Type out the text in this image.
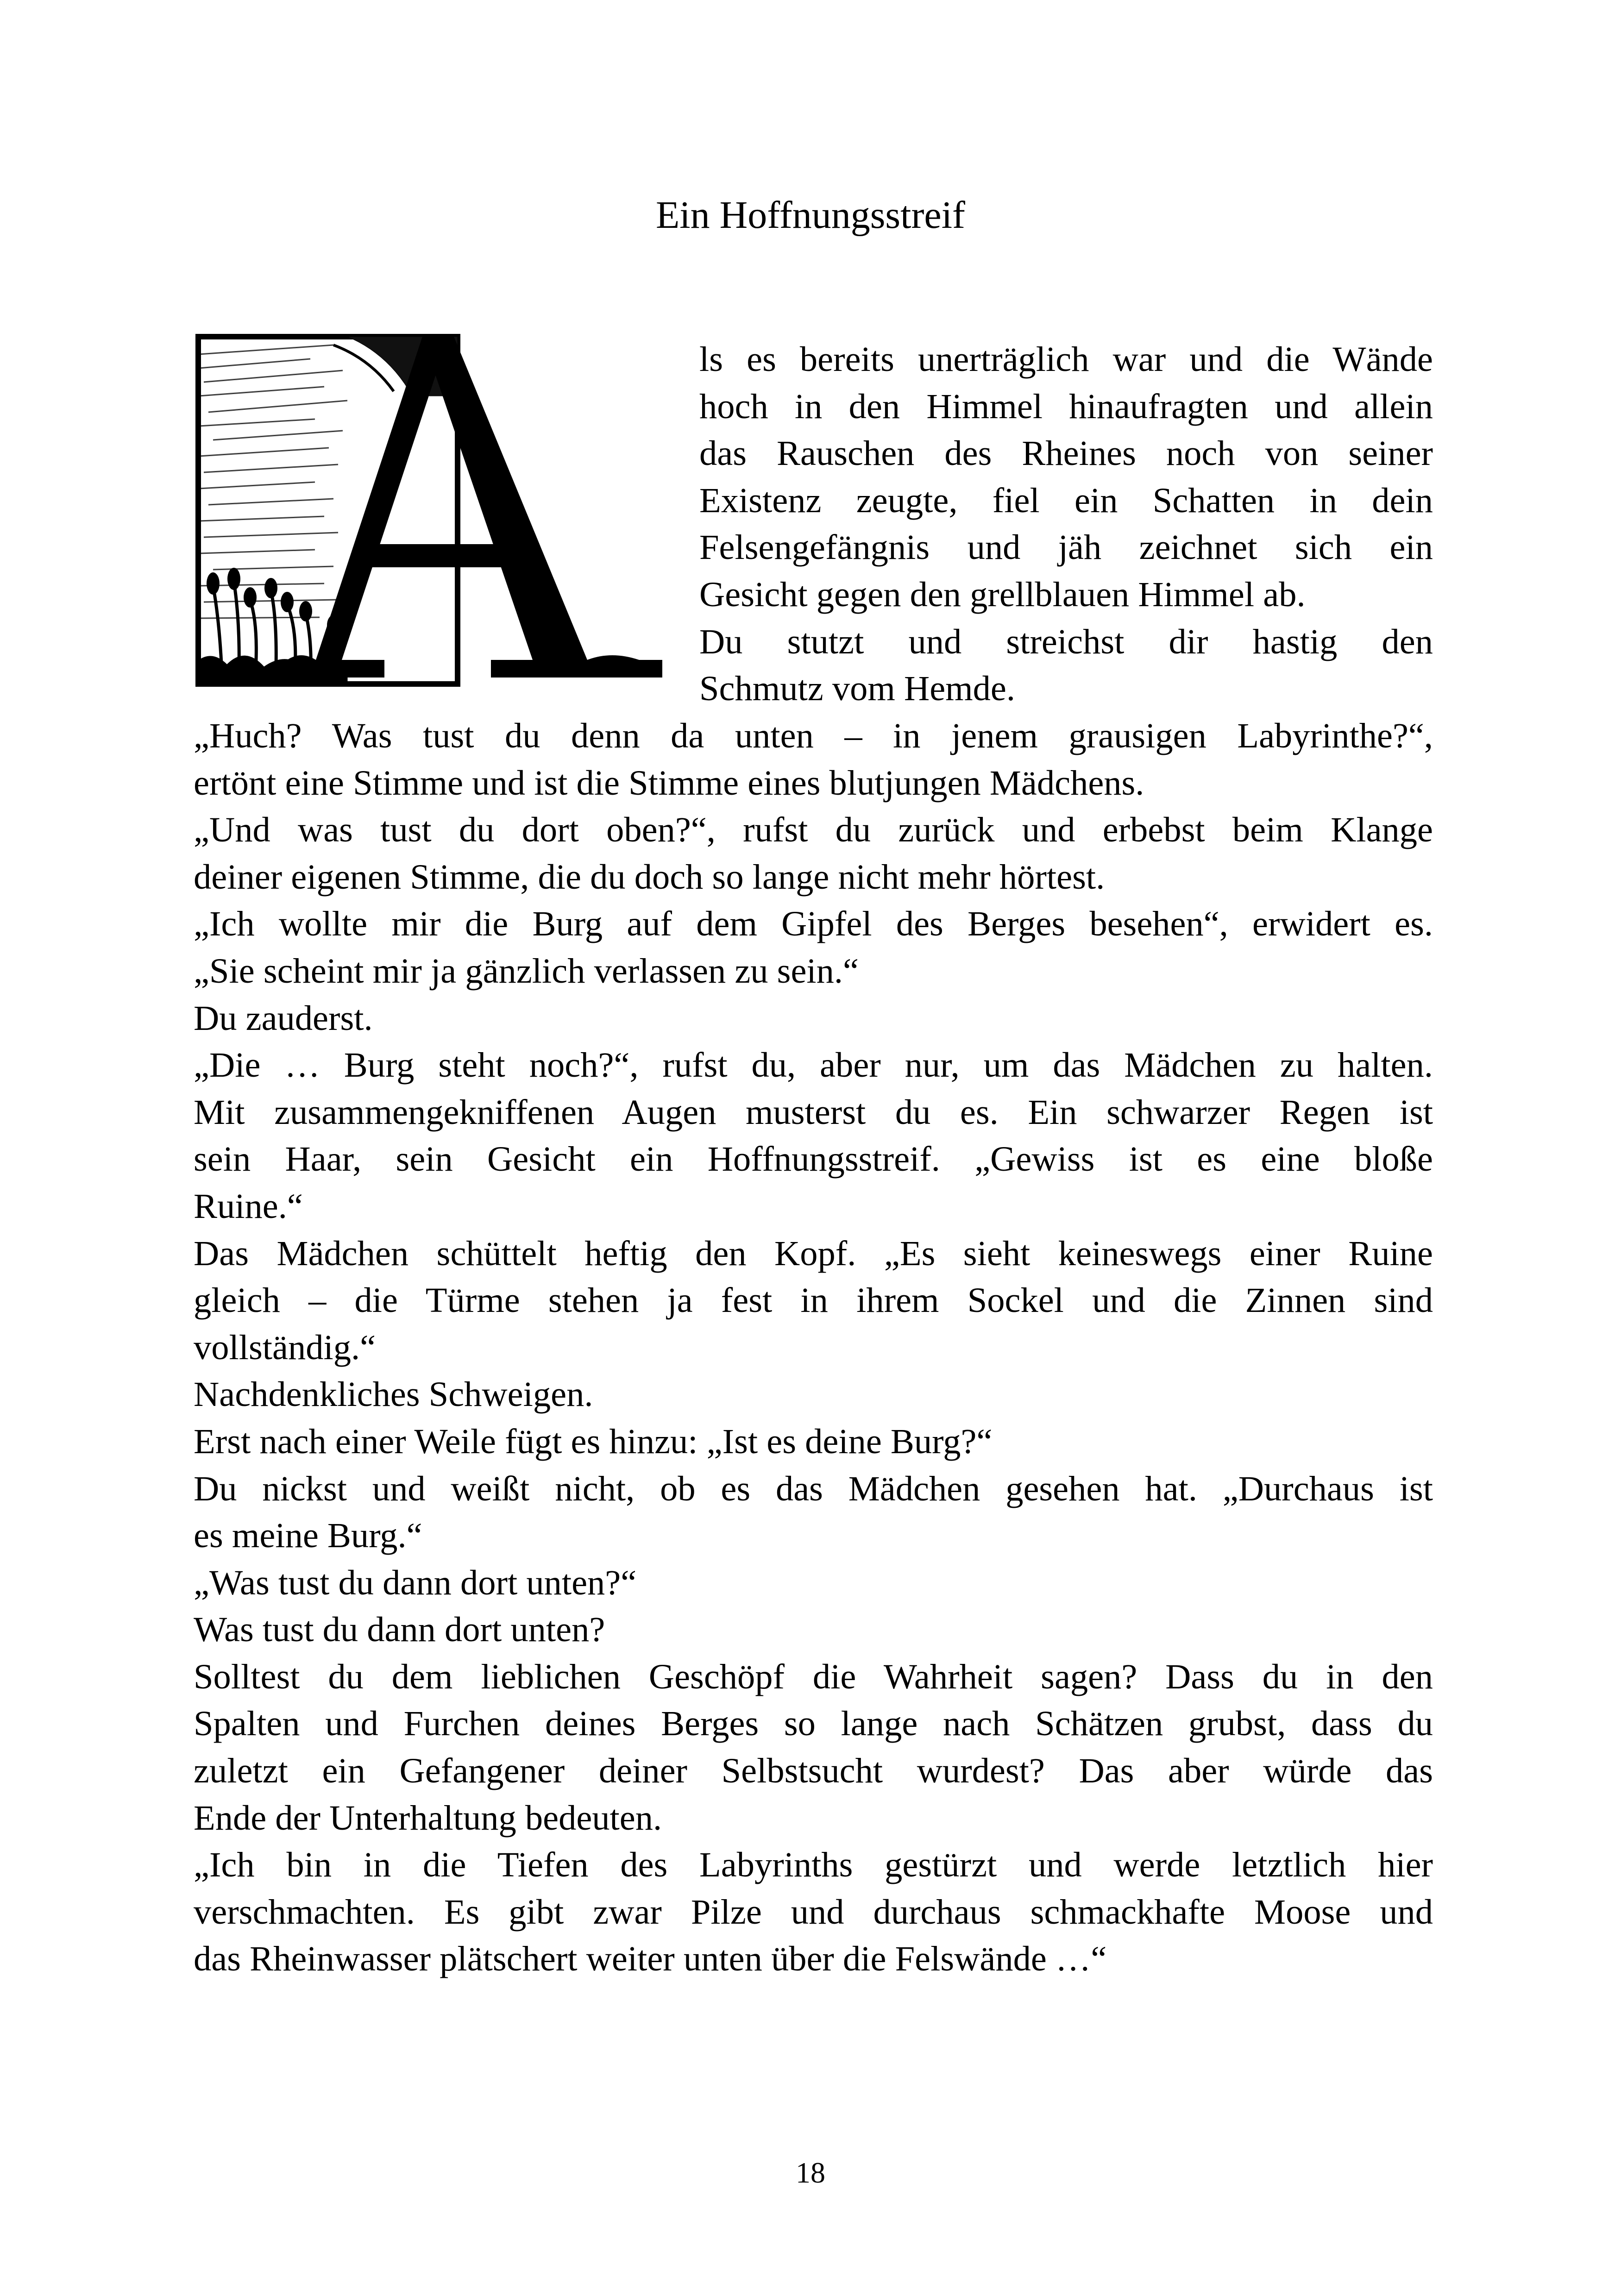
Ein Hoffnungsstreif
ls es bereits unerträglich war und die Wände
hoch in den Himmel hinaufragten und allein
das Rauschen des Rheines noch von seiner
Existenz zeugte, fiel ein Schatten in dein
Felsengefängnis und jäh zeichnet sich ein
Gesicht gegen den grellblauen Himmel ab.
Du stutzt und streichst dir hastig den
Schmutz vom Hemde.
„Huch? Was tust du denn da unten – in jenem grausigen Labyrinthe?“,
ertönt eine Stimme und ist die Stimme eines blutjungen Mädchens.
„Und was tust du dort oben?“, rufst du zurück und erbebst beim Klange
deiner eigenen Stimme, die du doch so lange nicht mehr hörtest.
„Ich wollte mir die Burg auf dem Gipfel des Berges besehen“, erwidert es.
„Sie scheint mir ja gänzlich verlassen zu sein.“
Du zauderst.
„Die … Burg steht noch?“, rufst du, aber nur, um das Mädchen zu halten.
Mit zusammengekniffenen Augen musterst du es. Ein schwarzer Regen ist
sein Haar, sein Gesicht ein Hoffnungsstreif. „Gewiss ist es eine bloße
Ruine.“
Das Mädchen schüttelt heftig den Kopf. „Es sieht keineswegs einer Ruine
gleich – die Türme stehen ja fest in ihrem Sockel und die Zinnen sind
vollständig.“
Nachdenkliches Schweigen.
Erst nach einer Weile fügt es hinzu: „Ist es deine Burg?“
Du nickst und weißt nicht, ob es das Mädchen gesehen hat. „Durchaus ist
es meine Burg.“
„Was tust du dann dort unten?“
Was tust du dann dort unten?
Solltest du dem lieblichen Geschöpf die Wahrheit sagen? Dass du in den
Spalten und Furchen deines Berges so lange nach Schätzen grubst, dass du
zuletzt ein Gefangener deiner Selbstsucht wurdest? Das aber würde das
Ende der Unterhaltung bedeuten.
„Ich bin in die Tiefen des Labyrinths gestürzt und werde letztlich hier
verschmachten. Es gibt zwar Pilze und durchaus schmackhafte Moose und
das Rheinwasser plätschert weiter unten über die Felswände …“
18
